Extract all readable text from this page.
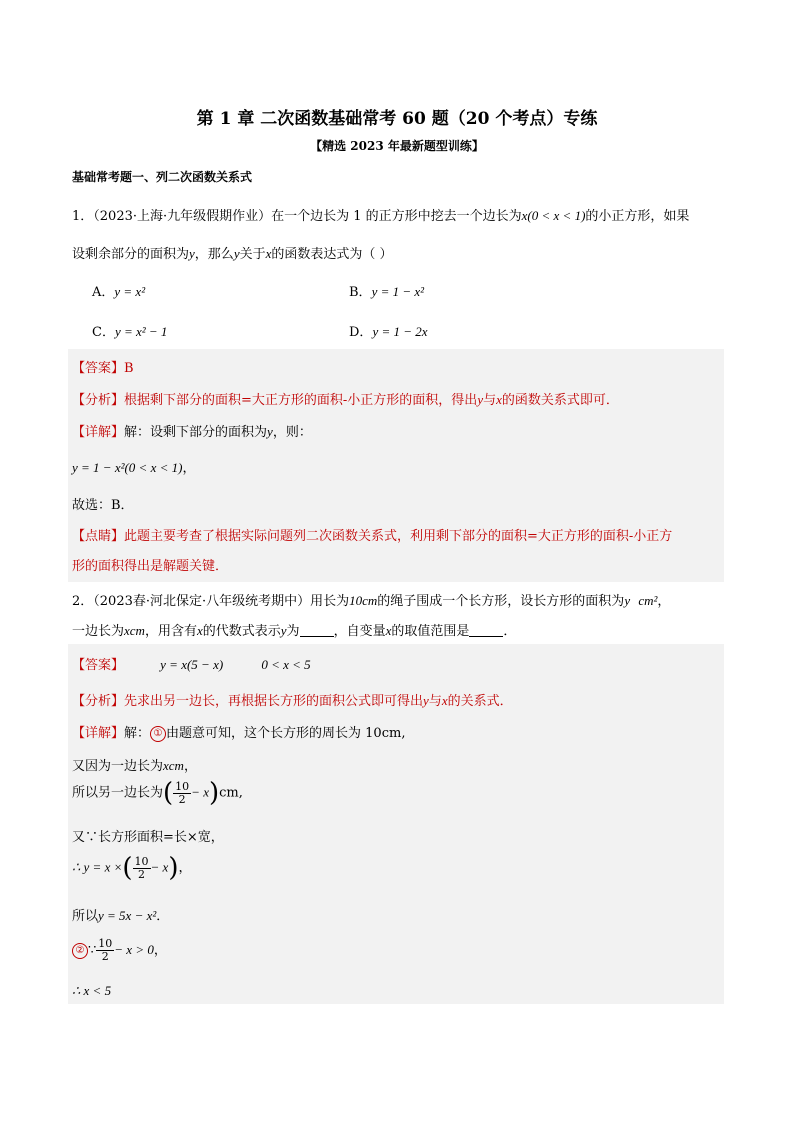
第 1 章 二次函数基础常考 60 题（20 个考点）专练
【精选 2023 年最新题型训练】
基础常考题一、列二次函数关系式
1．（2023·上海·九年级假期作业）在一个边长为 1 的正方形中挖去一个边长为x(0 < x < 1)的小正方形，如果
设剩余部分的面积为y，那么y关于x的函数表达式为（ ）
A．y = x²	B．y = 1 − x²
C．y = x² − 1	D．y = 1 − 2x
【答案】B
【分析】根据剩下部分的面积=大正方形的面积-小正方形的面积，得出y与x的函数关系式即可．
【详解】解：设剩下部分的面积为y，则：
y = 1 − x²(0 < x < 1)，
故选：B．
【点睛】此题主要考查了根据实际问题列二次函数关系式，利用剩下部分的面积=大正方形的面积-小正方
形的面积得出是解题关键．
2．（2023春·河北保定·八年级统考期中）用长为10cm的绳子围成一个长方形，设长方形的面积为y cm²，
一边长为xcm，用含有x的代数式表示y为	，自变量x的取值范围是	．
【答案】	y = x(5 − x)	0 < x < 5
【分析】先求出另一边长，再根据长方形的面积公式即可得出y与x的关系式．
【详解】解： ① 由题意可知，这个长方形的周长为 10cm,
又因为一边长为xcm，
所以另一边长为( $\frac{10}{2} - x)cm$,
又∵长方形面积=长×宽，
∴ y = x ×( $\frac{10}{2} - x$)，
所以y = 5x − x²．
② ∵ $\frac{10}{2} - x > 0$，
∴ x < 5
